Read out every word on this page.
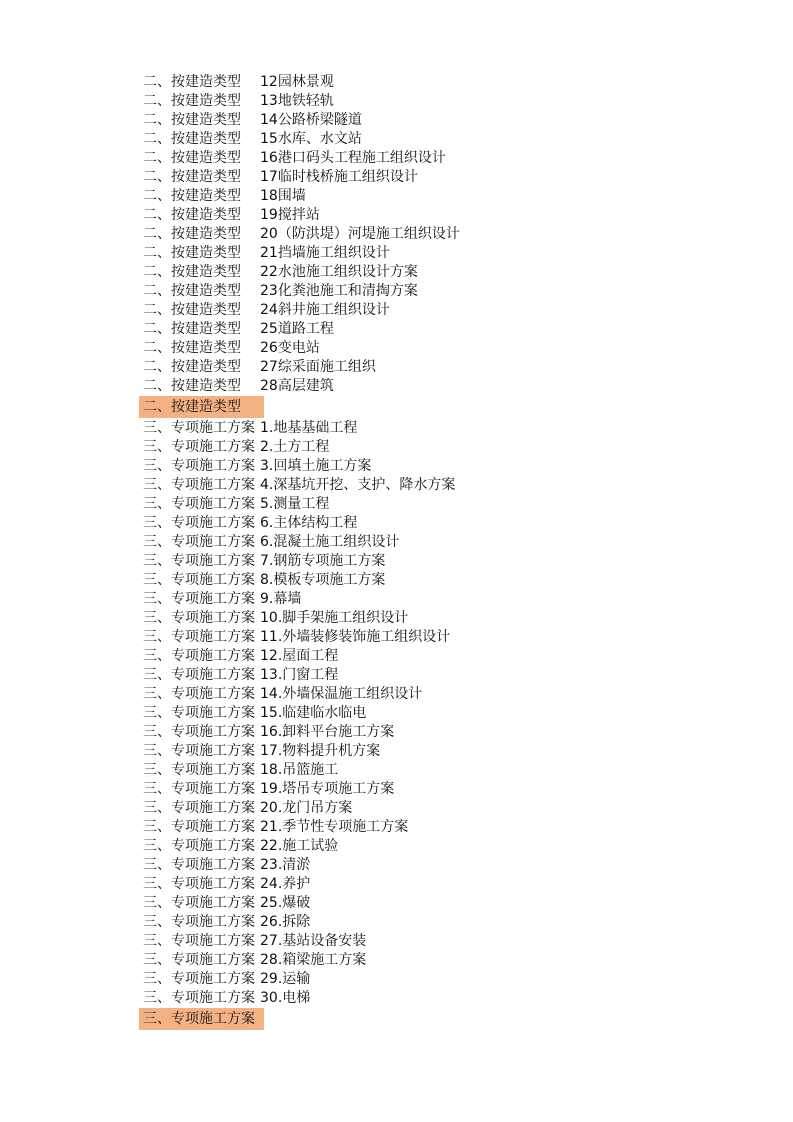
二、按建造类型	12园林景观
二、按建造类型	13地铁轻轨
二、按建造类型	14公路桥梁隧道
二、按建造类型	15水库、水文站
二、按建造类型	16港口码头工程施工组织设计
二、按建造类型	17临时栈桥施工组织设计
二、按建造类型	18围墙
二、按建造类型	19搅拌站
二、按建造类型	20（防洪堤）河堤施工组织设计
二、按建造类型	21挡墙施工组织设计
二、按建造类型	22水池施工组织设计方案
二、按建造类型	23化粪池施工和清掏方案
二、按建造类型	24斜井施工组织设计
二、按建造类型	25道路工程
二、按建造类型	26变电站
二、按建造类型	27综采面施工组织
二、按建造类型	28高层建筑
二、按建造类型
三、专项施工方案 1.地基基础工程
三、专项施工方案 2.土方工程
三、专项施工方案 3.回填土施工方案
三、专项施工方案 4.深基坑开挖、支护、降水方案
三、专项施工方案 5.测量工程
三、专项施工方案 6.主体结构工程
三、专项施工方案 6.混凝土施工组织设计
三、专项施工方案 7.钢筋专项施工方案
三、专项施工方案 8.模板专项施工方案
三、专项施工方案 9.幕墙
三、专项施工方案 10.脚手架施工组织设计
三、专项施工方案 11.外墙装修装饰施工组织设计
三、专项施工方案 12.屋面工程
三、专项施工方案 13.门窗工程
三、专项施工方案 14.外墙保温施工组织设计
三、专项施工方案 15.临建临水临电
三、专项施工方案 16.卸料平台施工方案
三、专项施工方案 17.物料提升机方案
三、专项施工方案 18.吊篮施工
三、专项施工方案 19.塔吊专项施工方案
三、专项施工方案 20.龙门吊方案
三、专项施工方案 21.季节性专项施工方案
三、专项施工方案 22.施工试验
三、专项施工方案 23.清淤
三、专项施工方案 24.养护
三、专项施工方案 25.爆破
三、专项施工方案 26.拆除
三、专项施工方案 27.基站设备安装
三、专项施工方案 28.箱梁施工方案
三、专项施工方案 29.运输
三、专项施工方案 30.电梯
三、专项施工方案
